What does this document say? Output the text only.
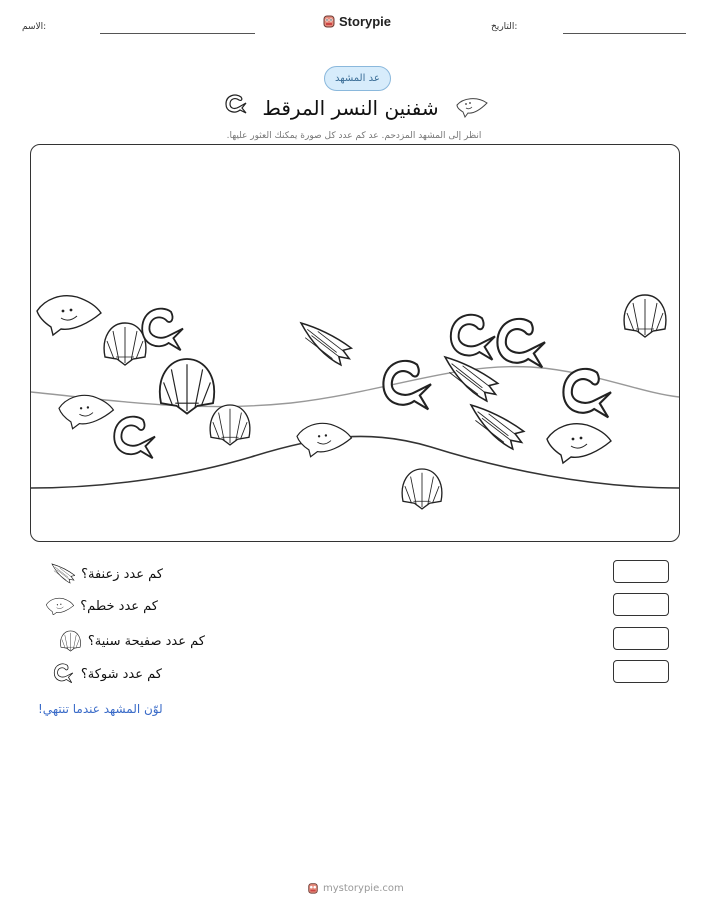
الاسم:	Storypie	التاريخ:
عد المشهد
شفنين النسر المرقط
انظر إلى المشهد المزدحم. عد كم عدد كل صورة يمكنك العثور عليها.
كم عدد زعنفة؟
كم عدد خطم؟
كم عدد صفيحة سنية؟
كم عدد شوكة؟
لوّن المشهد عندما تنتهي!
mystorypie.com
